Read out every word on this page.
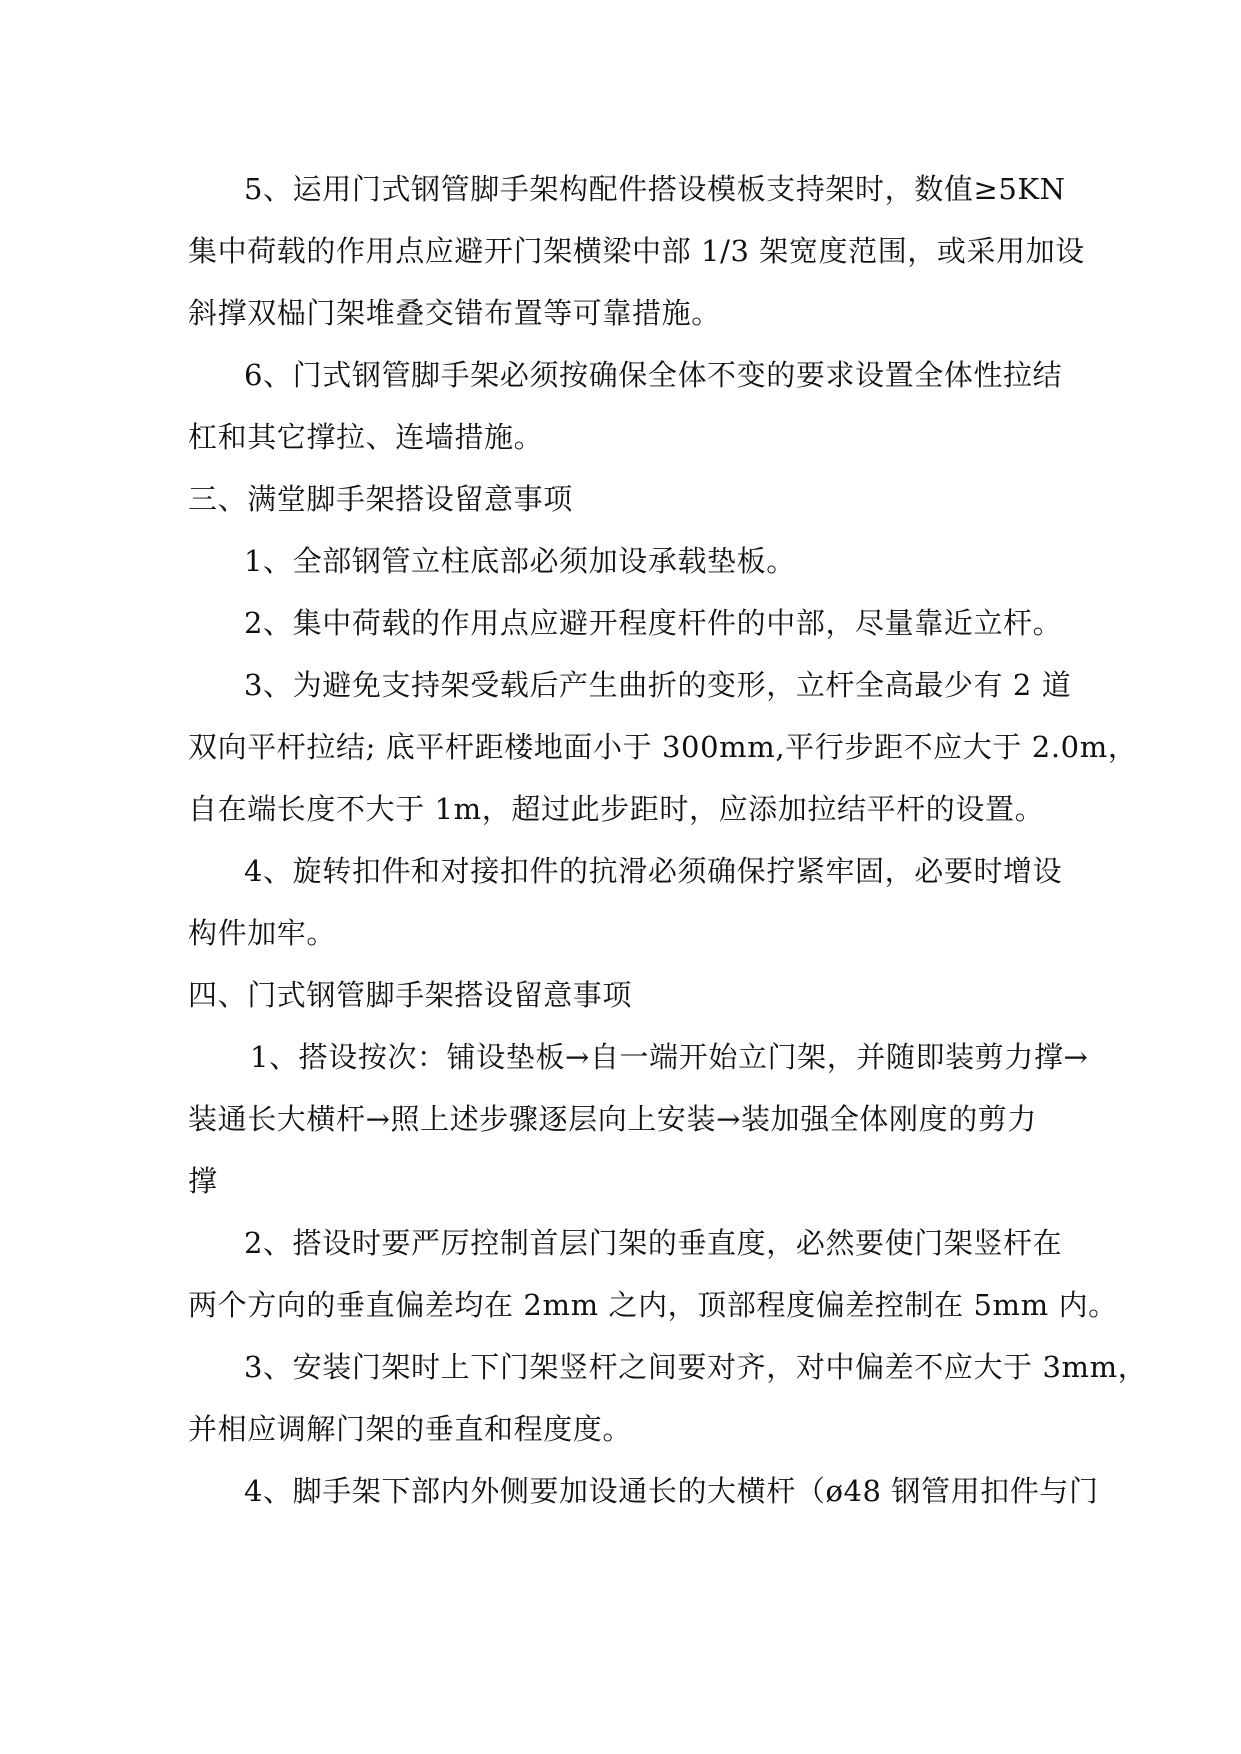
5、运用门式钢管脚手架构配件搭设模板支持架时，数值≥5KN
集中荷载的作用点应避开门架横梁中部 1/3 架宽度范围，或采用加设
斜撑双榀门架堆叠交错布置等可靠措施。
6、门式钢管脚手架必须按确保全体不变的要求设置全体性拉结
杠和其它撑拉、连墙措施。
三、满堂脚手架搭设留意事项
1、全部钢管立柱底部必须加设承载垫板。
2、集中荷载的作用点应避开程度杆件的中部，尽量靠近立杆。
3、为避免支持架受载后产生曲折的变形，立杆全高最少有 2 道
双向平杆拉结; 底平杆距楼地面小于 300mm,平行步距不应大于 2.0m，
自在端长度不大于 1m，超过此步距时，应添加拉结平杆的设置。
4、旋转扣件和对接扣件的抗滑必须确保拧紧牢固，必要时增设
构件加牢。
四、门式钢管脚手架搭设留意事项
1、搭设按次：铺设垫板→自一端开始立门架，并随即装剪力撑→
装通长大横杆→照上述步骤逐层向上安装→装加强全体刚度的剪力
撑
2、搭设时要严厉控制首层门架的垂直度，必然要使门架竖杆在
两个方向的垂直偏差均在 2mm 之内，顶部程度偏差控制在 5mm 内。
3、安装门架时上下门架竖杆之间要对齐，对中偏差不应大于 3mm，
并相应调解门架的垂直和程度度。
4、脚手架下部内外侧要加设通长的大横杆（ø48 钢管用扣件与门
